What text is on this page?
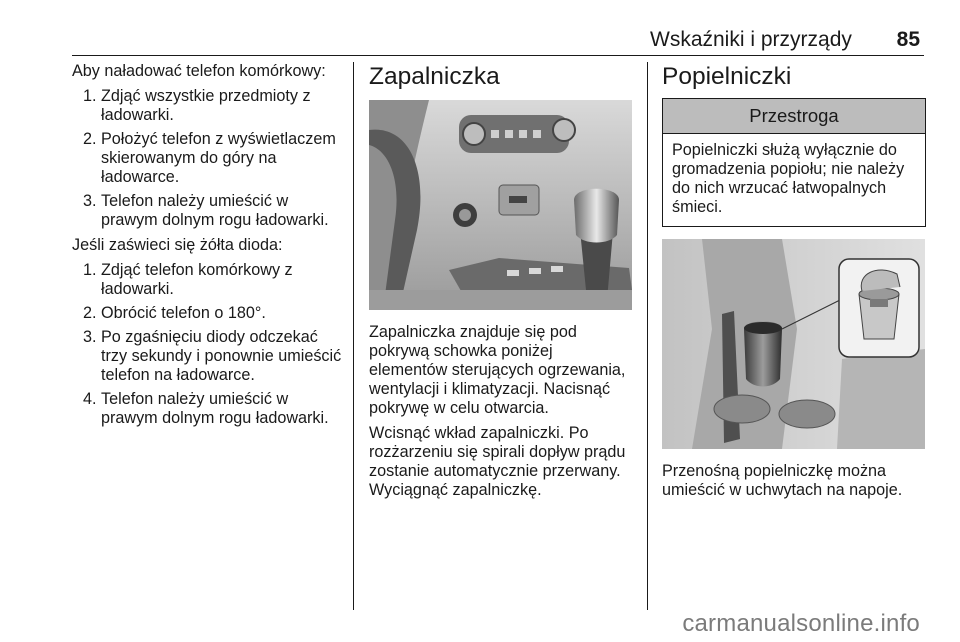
Wskaźniki i przyrządy	85

Aby naładować telefon komórkowy:

1. Zdjąć wszystkie przedmioty z ładowarki.
2. Położyć telefon z wyświetlaczem skierowanym do góry na ładowarce.
3. Telefon należy umieścić w prawym dolnym rogu ładowarki.

Jeśli zaświeci się żółta dioda:

1. Zdjąć telefon komórkowy z ładowarki.
2. Obrócić telefon o 180°.
3. Po zgaśnięciu diody odczekać trzy sekundy i ponownie umieścić telefon na ładowarce.
4. Telefon należy umieścić w prawym dolnym rogu ładowarki.
Zapalniczka

Zapalniczka znajduje się pod pokrywą schowka poniżej elementów sterujących ogrzewania, wentylacji i klimatyzacji. Nacisnąć pokrywę w celu otwarcia.

Wcisnąć wkład zapalniczki. Po rozżarzeniu się spirali dopływ prądu zostanie automatycznie przerwany. Wyciągnąć zapalniczkę.

Popielniczki
Przestroga
Popielniczki służą wyłącznie do gromadzenia popiołu; nie należy do nich wrzucać łatwopalnych śmieci.

Przenośną popielniczkę można umieścić w uchwytach na napoje.

carmanualsonline.info
